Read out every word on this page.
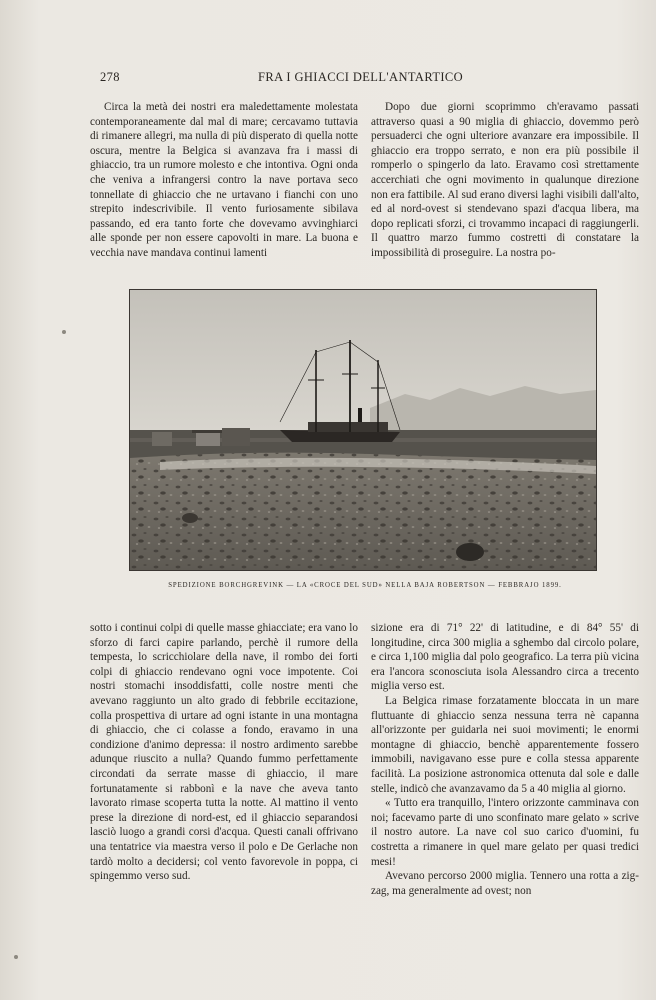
278	FRA I GHIACCI DELL'ANTARTICO

Circa la metà dei nostri era maledettamente molestata contemporaneamente dal mal di mare; cercavamo tuttavia di rimanere allegri, ma nulla di più disperato di quella notte oscura, mentre la Belgica si avanzava fra i massi di ghiaccio, tra un rumore molesto e che intontiva. Ogni onda che veniva a infrangersi contro la nave portava seco tonnellate di ghiaccio che ne urtavano i fianchi con uno strepito indescrivibile. Il vento furiosamente sibilava passando, ed era tanto forte che dovevamo avvinghiarci alle sponde per non essere capovolti in mare. La buona e vecchia nave mandava continui lamenti

Dopo due giorni scoprimmo ch'eravamo passati attraverso quasi a 90 miglia di ghiaccio, dovemmo però persuaderci che ogni ulteriore avanzare era impossibile. Il ghiaccio era troppo serrato, e non era più possibile il romperlo o spingerlo da lato. Eravamo così strettamente accerchiati che ogni movimento in qualunque direzione non era fattibile. Al sud erano diversi laghi visibili dall'alto, ed al nord-ovest si stendevano spazi d'acqua libera, ma dopo replicati sforzi, ci trovammo incapaci di raggiungerli. Il quattro marzo fummo costretti di constatare la impossibilità di proseguire. La nostra po-

SPEDIZIONE BORCHGREVINK — LA «CROCE DEL SUD» NELLA BAJA ROBERTSON — FEBBRAJO 1899.

sotto i continui colpi di quelle masse ghiacciate; era vano lo sforzo di farci capire parlando, perchè il rumore della tempesta, lo scricchiolare della nave, il rombo dei forti colpi di ghiaccio rendevano ogni voce impotente. Coi nostri stomachi insoddisfatti, colle nostre menti che avevano raggiunto un alto grado di febbrile eccitazione, colla prospettiva di urtare ad ogni istante in una montagna di ghiaccio, che ci colasse a fondo, eravamo in una condizione d'animo depressa: il nostro ardimento sarebbe adunque riuscito a nulla? Quando fummo perfettamente circondati da serrate masse di ghiaccio, il mare fortunatamente si rabbonì e la nave che aveva tanto lavorato rimase scoperta tutta la notte. Al mattino il vento prese la direzione di nord-est, ed il ghiaccio separandosi lasciò luogo a grandi corsi d'acqua. Questi canali offrivano una tentatrice via maestra verso il polo e De Gerlache non tardò molto a decidersi; col vento favorevole in poppa, ci spingemmo verso sud.

sizione era di 71° 22' di latitudine, e di 84° 55' di longitudine, circa 300 miglia a sghembo dal circolo polare, e circa 1,100 miglia dal polo geografico. La terra più vicina era l'ancora sconosciuta isola Alessandro circa a trecento miglia verso est.

La Belgica rimase forzatamente bloccata in un mare fluttuante di ghiaccio senza nessuna terra nè capanna all'orizzonte per guidarla nei suoi movimenti; le enormi montagne di ghiaccio, benchè apparentemente fossero immobili, navigavano esse pure e colla stessa apparente facilità. La posizione astronomica ottenuta dal sole e dalle stelle, indicò che avanzavamo da 5 a 40 miglia al giorno.

« Tutto era tranquillo, l'intero orizzonte camminava con noi; facevamo parte di uno sconfinato mare gelato » scrive il nostro autore. La nave col suo carico d'uomini, fu costretta a rimanere in quel mare gelato per quasi tredici mesi!

Avevano percorso 2000 miglia. Tennero una rotta a zig-zag, ma generalmente ad ovest; non
